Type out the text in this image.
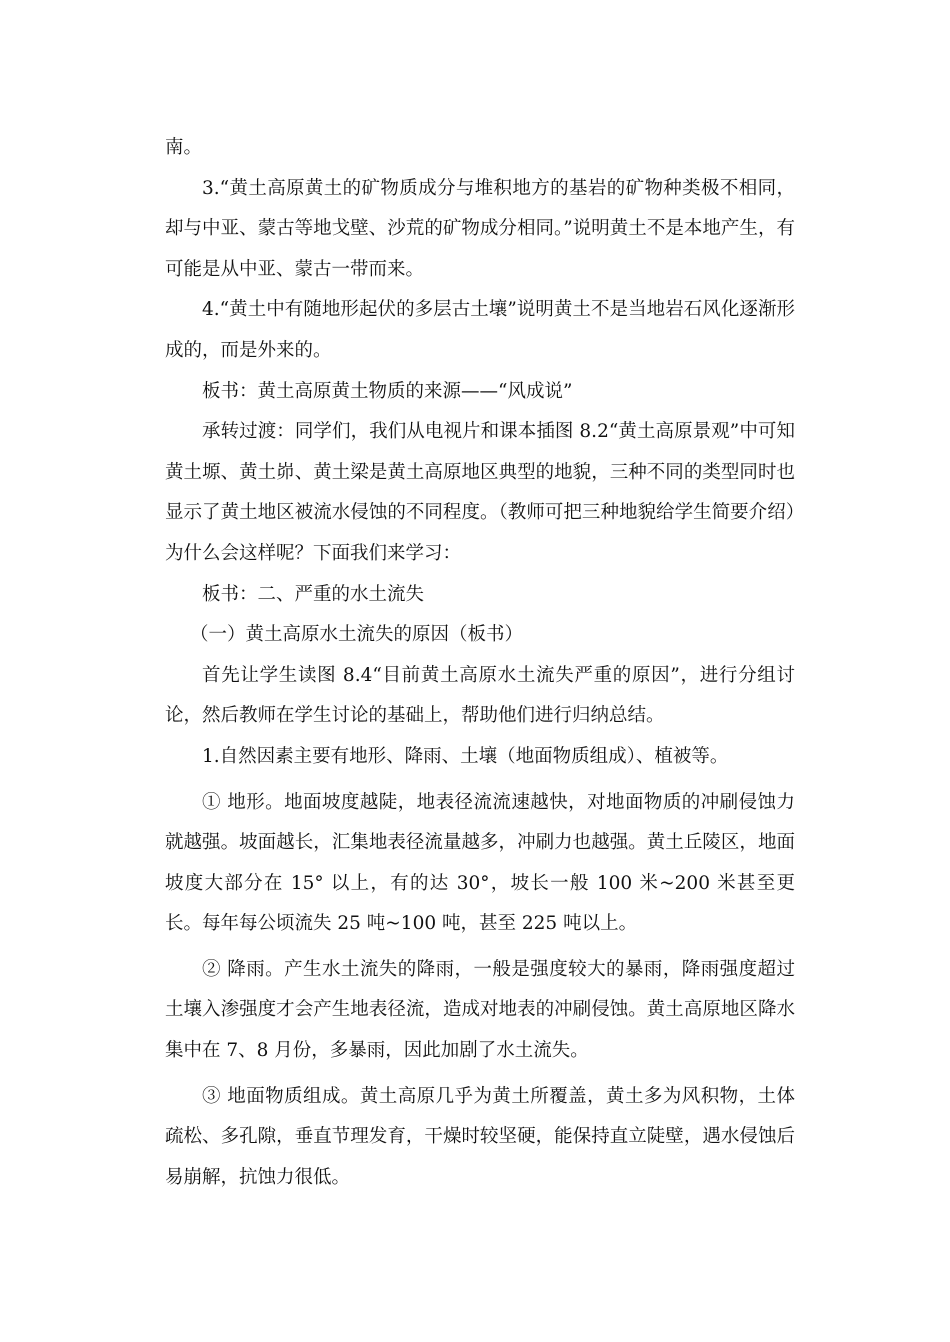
南。

3.“黄土高原黄土的矿物质成分与堆积地方的基岩的矿物种类极不相同，却与中亚、蒙古等地戈壁、沙荒的矿物成分相同。”说明黄土不是本地产生，有可能是从中亚、蒙古一带而来。

4.“黄土中有随地形起伏的多层古土壤”说明黄土不是当地岩石风化逐渐形成的，而是外来的。

板书：黄土高原黄土物质的来源——“风成说”

承转过渡：同学们，我们从电视片和课本插图 8.2“黄土高原景观”中可知黄土塬、黄土峁、黄土梁是黄土高原地区典型的地貌，三种不同的类型同时也显示了黄土地区被流水侵蚀的不同程度。（教师可把三种地貌给学生简要介绍）为什么会这样呢？下面我们来学习：

板书：二、严重的水土流失

（一）黄土高原水土流失的原因（板书）

首先让学生读图 8.4“目前黄土高原水土流失严重的原因”，进行分组讨论，然后教师在学生讨论的基础上，帮助他们进行归纳总结。

1.自然因素主要有地形、降雨、土壤（地面物质组成）、植被等。

① 地形。地面坡度越陡，地表径流流速越快，对地面物质的冲刷侵蚀力就越强。坡面越长，汇集地表径流量越多，冲刷力也越强。黄土丘陵区，地面坡度大部分在 15° 以上，有的达 30°，坡长一般 100 米~200 米甚至更长。每年每公顷流失 25 吨~100 吨，甚至 225 吨以上。

② 降雨。产生水土流失的降雨，一般是强度较大的暴雨，降雨强度超过土壤入渗强度才会产生地表径流，造成对地表的冲刷侵蚀。黄土高原地区降水集中在 7、8 月份，多暴雨，因此加剧了水土流失。

③ 地面物质组成。黄土高原几乎为黄土所覆盖，黄土多为风积物，土体疏松、多孔隙，垂直节理发育，干燥时较坚硬，能保持直立陡壁，遇水侵蚀后易崩解，抗蚀力很低。
